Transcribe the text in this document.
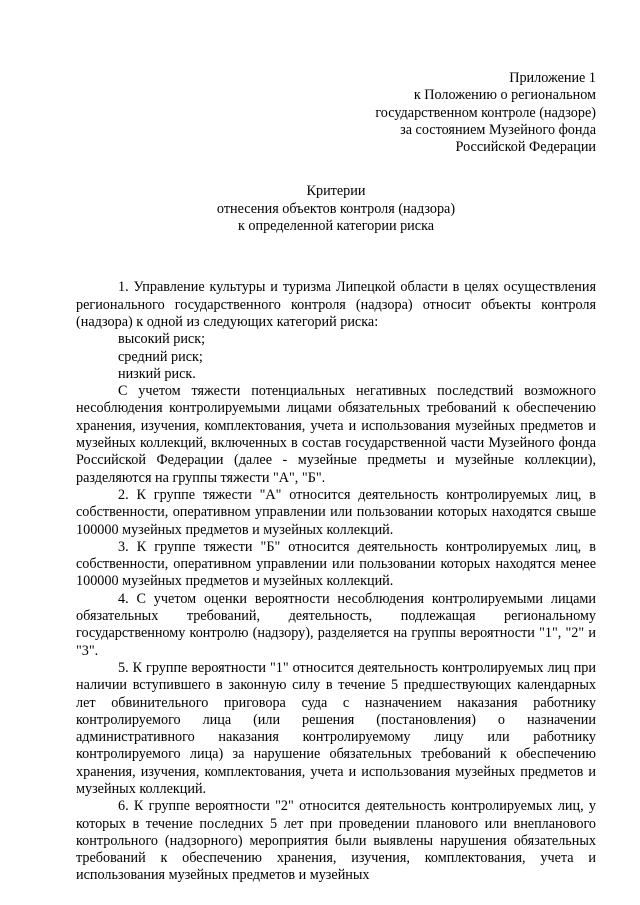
Приложение 1
к Положению о региональном
государственном контроле (надзоре)
за состоянием Музейного фонда
Российской Федерации
Критерии
отнесения объектов контроля (надзора)
к определенной категории риска

1. Управление культуры и туризма Липецкой области в целях осуществления регионального государственного контроля (надзора) относит объекты контроля (надзора) к одной из следующих категорий риска:

высокий риск;

средний риск;

низкий риск.

С учетом тяжести потенциальных негативных последствий возможного несоблюдения контролируемыми лицами обязательных требований к обеспечению хранения, изучения, комплектования, учета и использования музейных предметов и музейных коллекций, включенных в состав государственной части Музейного фонда Российской Федерации (далее - музейные предметы и музейные коллекции), разделяются на группы тяжести "А", "Б".

2. К группе тяжести "А" относится деятельность контролируемых лиц, в собственности, оперативном управлении или пользовании которых находятся свыше 100000 музейных предметов и музейных коллекций.

3. К группе тяжести "Б" относится деятельность контролируемых лиц, в собственности, оперативном управлении или пользовании которых находятся менее 100000 музейных предметов и музейных коллекций.

4. С учетом оценки вероятности несоблюдения контролируемыми лицами обязательных требований, деятельность, подлежащая региональному государственному контролю (надзору), разделяется на группы вероятности "1", "2" и "3".

5. К группе вероятности "1" относится деятельность контролируемых лиц при наличии вступившего в законную силу в течение 5 предшествующих календарных лет обвинительного приговора суда с назначением наказания работнику контролируемого лица (или решения (постановления) о назначении административного наказания контролируемому лицу или работнику контролируемого лица) за нарушение обязательных требований к обеспечению хранения, изучения, комплектования, учета и использования музейных предметов и музейных коллекций.

6. К группе вероятности "2" относится деятельность контролируемых лиц, у которых в течение последних 5 лет при проведении планового или внепланового контрольного (надзорного) мероприятия были выявлены нарушения обязательных требований к обеспечению хранения, изучения, комплектования, учета и использования музейных предметов и музейных
